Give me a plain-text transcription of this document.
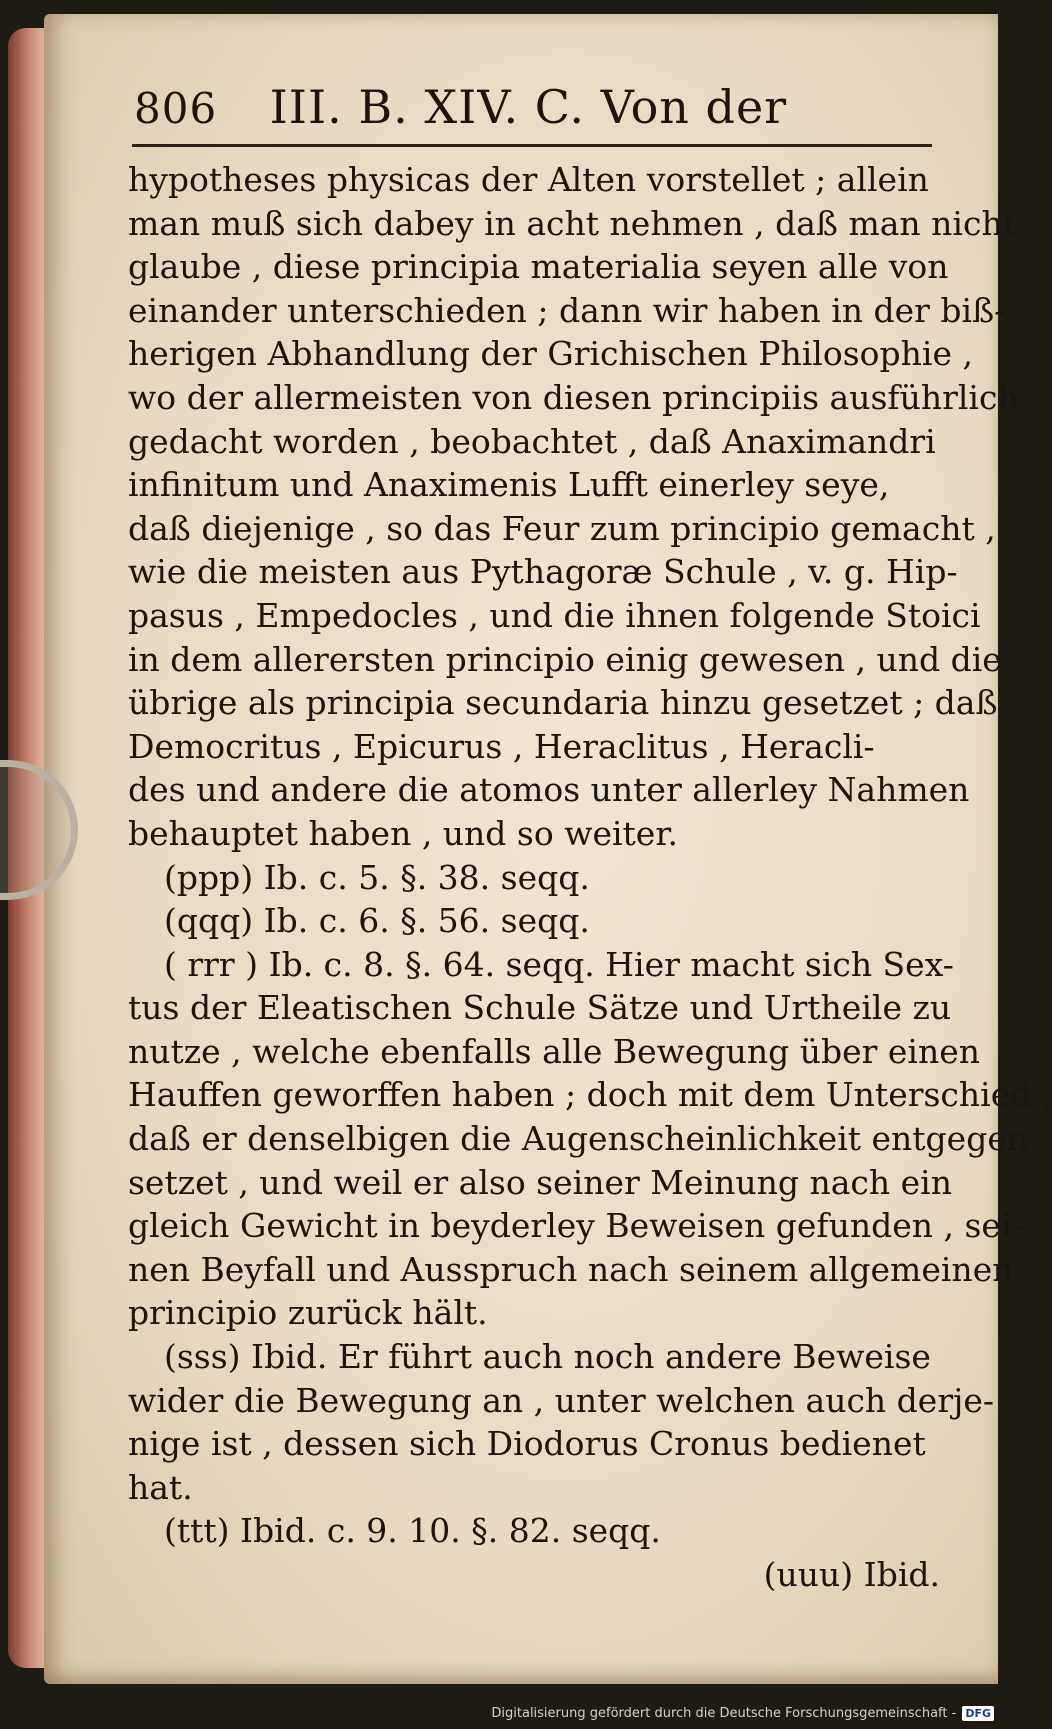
806 III. B. XIV. C. Von der
hypotheses physicas der Alten vorstellet ; allein
man muß sich dabey in acht nehmen , daß man nicht
glaube , diese principia materialia seyen alle von
einander unterschieden ; dann wir haben in der biß-
herigen Abhandlung der Grichischen Philosophie ,
wo der allermeisten von diesen principiis ausführlich
gedacht worden , beobachtet , daß Anaximandri
infinitum und Anaximenis Lufft einerley seye,
daß diejenige , so das Feur zum principio gemacht ,
wie die meisten aus Pythagoræ Schule , v. g. Hip-
pasus , Empedocles , und die ihnen folgende Stoici
in dem allerersten principio einig gewesen , und die
übrige als principia secundaria hinzu gesetzet ; daß
Democritus , Epicurus , Heraclitus , Heracli-
des und andere die atomos unter allerley Nahmen
behauptet haben , und so weiter.
(ppp) Ib. c. 5. §. 38. seqq.
(qqq) Ib. c. 6. §. 56. seqq.
( rrr ) Ib. c. 8. §. 64. seqq. Hier macht sich Sex-
tus der Eleatischen Schule Sätze und Urtheile zu
nutze , welche ebenfalls alle Bewegung über einen
Hauffen geworffen haben ; doch mit dem Unterschied ,
daß er denselbigen die Augenscheinlichkeit entgegen
setzet , und weil er also seiner Meinung nach ein
gleich Gewicht in beyderley Beweisen gefunden , sei-
nen Beyfall und Ausspruch nach seinem allgemeinen
principio zurück hält.
(sss) Ibid. Er führt auch noch andere Beweise
wider die Bewegung an , unter welchen auch derje-
nige ist , dessen sich Diodorus Cronus bedienet
hat.
(ttt) Ibid. c. 9. 10. §. 82. seqq.
(uuu) Ibid.
Digitalisierung gefördert durch die Deutsche Forschungsgemeinschaft - DFG
